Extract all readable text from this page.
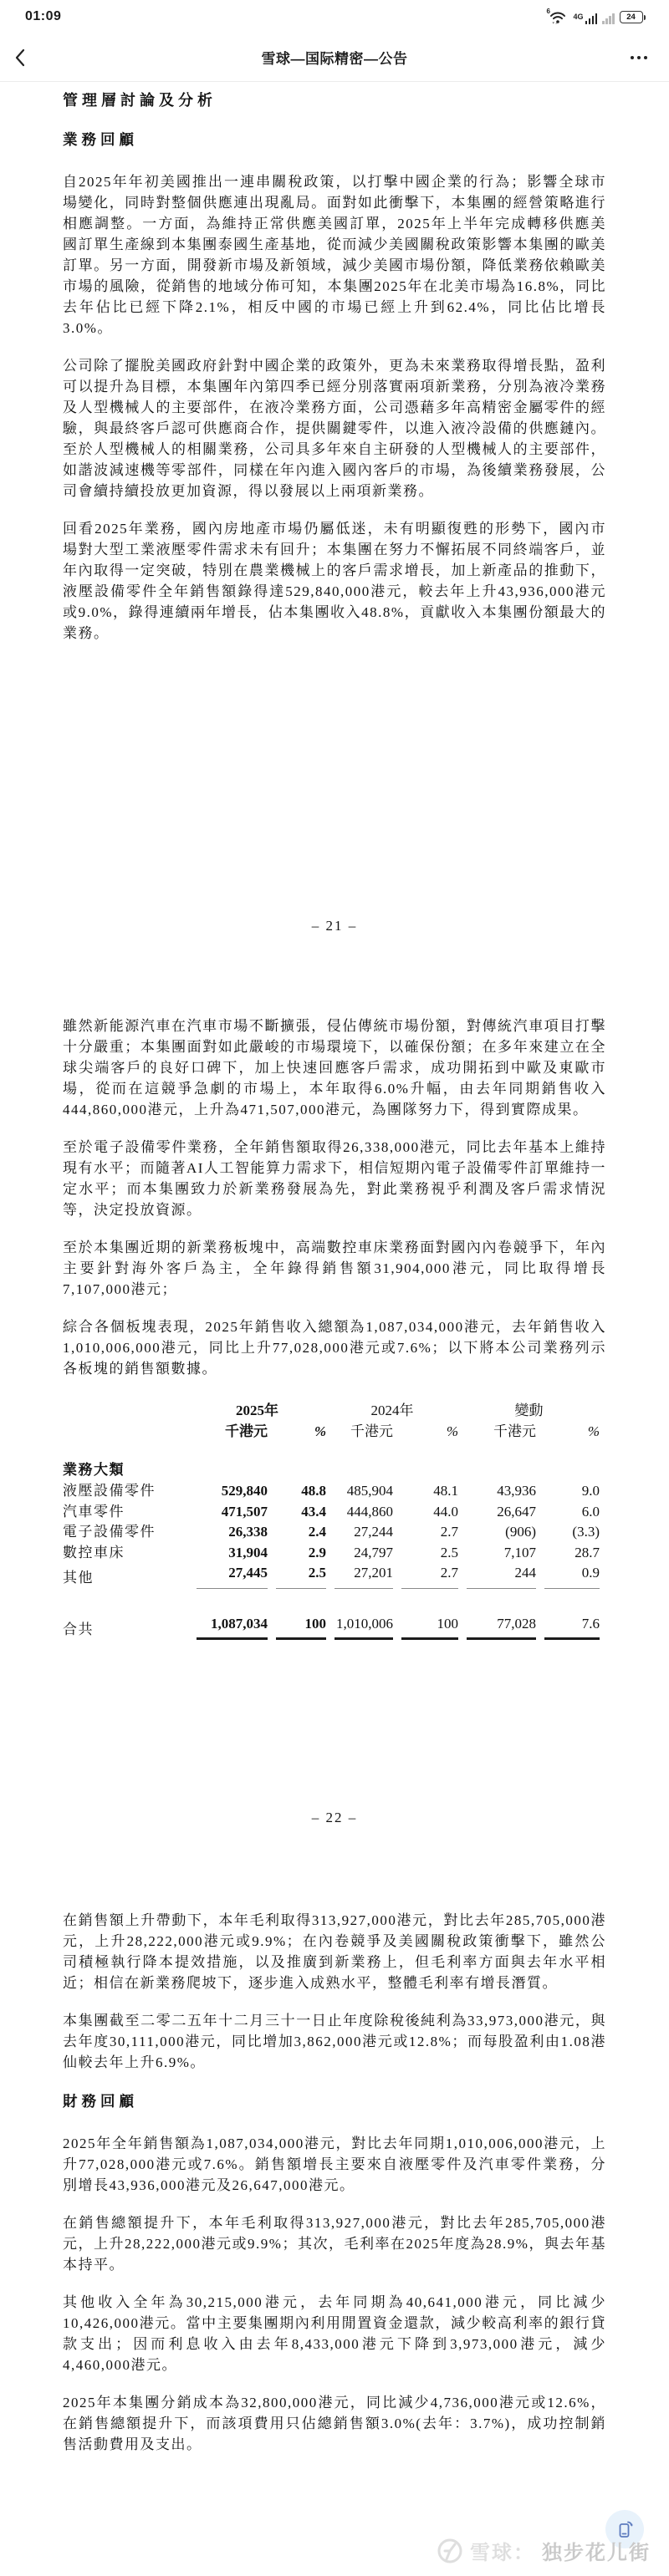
01:09	6
4G	24
雪球—国际精密—公告
管理層討論及分析
業務回顧
自2025年年初美國推出一連串關稅政策，以打擊中國企業的行為；影響全球市場變化，同時對整個供應連出現亂局。面對如此衝擊下，本集團的經營策略進行相應調整。一方面，為維持正常供應美國訂單，2025年上半年完成轉移供應美國訂單生產線到本集團泰國生產基地，從而減少美國關稅政策影響本集團的歐美訂單。另一方面，開發新市場及新領域，減少美國市場份額，降低業務依賴歐美市場的風險，從銷售的地域分佈可知，本集團2025年在北美市場為16.8%，同比去年佔比已經下降2.1%，相反中國的市場已經上升到62.4%，同比佔比增長3.0%。
公司除了擺脫美國政府針對中國企業的政策外，更為未來業務取得增長點，盈利可以提升為目標，本集團年內第四季已經分別落實兩項新業務，分別為液冷業務及人型機械人的主要部件，在液冷業務方面，公司憑藉多年高精密金屬零件的經驗，與最終客戶認可供應商合作，提供關鍵零件，以進入液冷設備的供應鏈內。至於人型機械人的相關業務，公司具多年來自主研發的人型機械人的主要部件，如諧波減速機等零部件，同樣在年內進入國內客戶的市場，為後續業務發展，公司會續持續投放更加資源，得以發展以上兩項新業務。
回看2025年業務，國內房地產市場仍屬低迷，未有明顯復甦的形勢下，國內市場對大型工業液壓零件需求未有回升；本集團在努力不懈拓展不同終端客戶，並年內取得一定突破，特別在農業機械上的客戶需求增長，加上新產品的推動下，液壓設備零件全年銷售額錄得達529,840,000港元，較去年上升43,936,000港元或9.0%，錄得連續兩年增長，佔本集團收入48.8%，貢獻收入本集團份額最大的業務。
– 21 –
雖然新能源汽車在汽車市場不斷擴張，侵佔傳統市場份額，對傳統汽車項目打擊十分嚴重；本集團面對如此嚴峻的市場環境下，以確保份額；在多年來建立在全球尖端客戶的良好口碑下，加上快速回應客戶需求，成功開拓到中歐及東歐市場，從而在這競爭急劇的市場上，本年取得6.0%升幅，由去年同期銷售收入444,860,000港元，上升為471,507,000港元，為團隊努力下，得到實際成果。
至於電子設備零件業務，全年銷售額取得26,338,000港元，同比去年基本上維持現有水平；而隨著AI人工智能算力需求下，相信短期內電子設備零件訂單維持一定水平；而本集團致力於新業務發展為先，對此業務視乎利潤及客戶需求情況等，決定投放資源。
至於本集團近期的新業務板塊中，高端數控車床業務面對國內內卷競爭下，年內主要針對海外客戶為主，全年錄得銷售額31,904,000港元，同比取得增長7,107,000港元；
綜合各個板塊表現，2025年銷售收入總額為1,087,034,000港元，去年銷售收入1,010,006,000港元，同比上升77,028,000港元或7.6%；以下將本公司業務列示各板塊的銷售額數據。
2025年	2024年	變動
千港元	%	千港元	%	千港元	%
業務大類
液壓設備零件	529,840	48.8	485,904	48.1	43,936	9.0
汽車零件	471,507	43.4	444,860	44.0	26,647	6.0
電子設備零件	26,338	2.4	27,244	2.7	(906)	(3.3)
數控車床	31,904	2.9	24,797	2.5	7,107	28.7
其他	27,445	2.5	27,201	2.7	244	0.9
合共	1,087,034	100 1,010,006	100	77,028	7.6
– 22 –
在銷售額上升帶動下，本年毛利取得313,927,000港元，對比去年285,705,000港元，上升28,222,000港元或9.9%；在內卷競爭及美國關稅政策衝擊下，雖然公司積極執行降本提效措施，以及推廣到新業務上，但毛利率方面與去年水平相近；相信在新業務爬坡下，逐步進入成熟水平，整體毛利率有增長潛質。
本集團截至二零二五年十二月三十一日止年度除稅後純利為33,973,000港元，與去年度30,111,000港元，同比增加3,862,000港元或12.8%；而每股盈利由1.08港仙較去年上升6.9%。
財務回顧
2025年全年銷售額為1,087,034,000港元，對比去年同期1,010,006,000港元，上升77,028,000港元或7.6%。銷售額增長主要來自液壓零件及汽車零件業務，分別增長43,936,000港元及26,647,000港元。
在銷售總額提升下，本年毛利取得313,927,000港元，對比去年285,705,000港元，上升28,222,000港元或9.9%；其次，毛利率在2025年度為28.9%，與去年基本持平。
其他收入全年為30,215,000港元，去年同期為40,641,000港元，同比減少10,426,000港元。當中主要集團期內利用閒置資金還款，減少較高利率的銀行貸款支出；因而利息收入由去年8,433,000港元下降到3,973,000港元，減少4,460,000港元。
2025年本集團分銷成本為32,800,000港元，同比減少4,736,000港元或12.6%，在銷售總額提升下，而該項費用只佔總銷售額3.0%(去年：3.7%)，成功控制銷售活動費用及支出。
雪球： 独步花儿街
